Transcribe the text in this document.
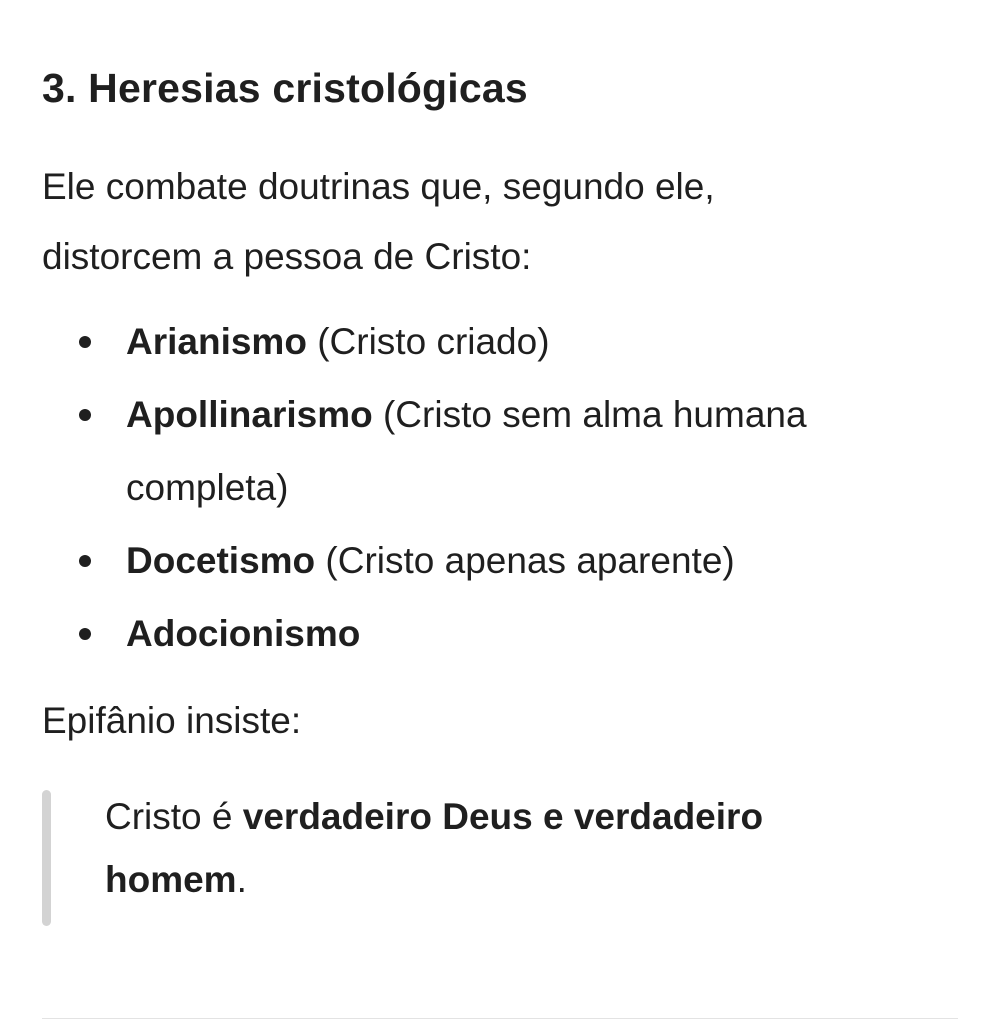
3. Heresias cristológicas

Ele combate doutrinas que, segundo ele, distorcem a pessoa de Cristo:

Arianismo (Cristo criado)
Apollinarismo (Cristo sem alma humana completa)
Docetismo (Cristo apenas aparente)
Adocionismo

Epifânio insiste:

Cristo é verdadeiro Deus e verdadeiro homem.
